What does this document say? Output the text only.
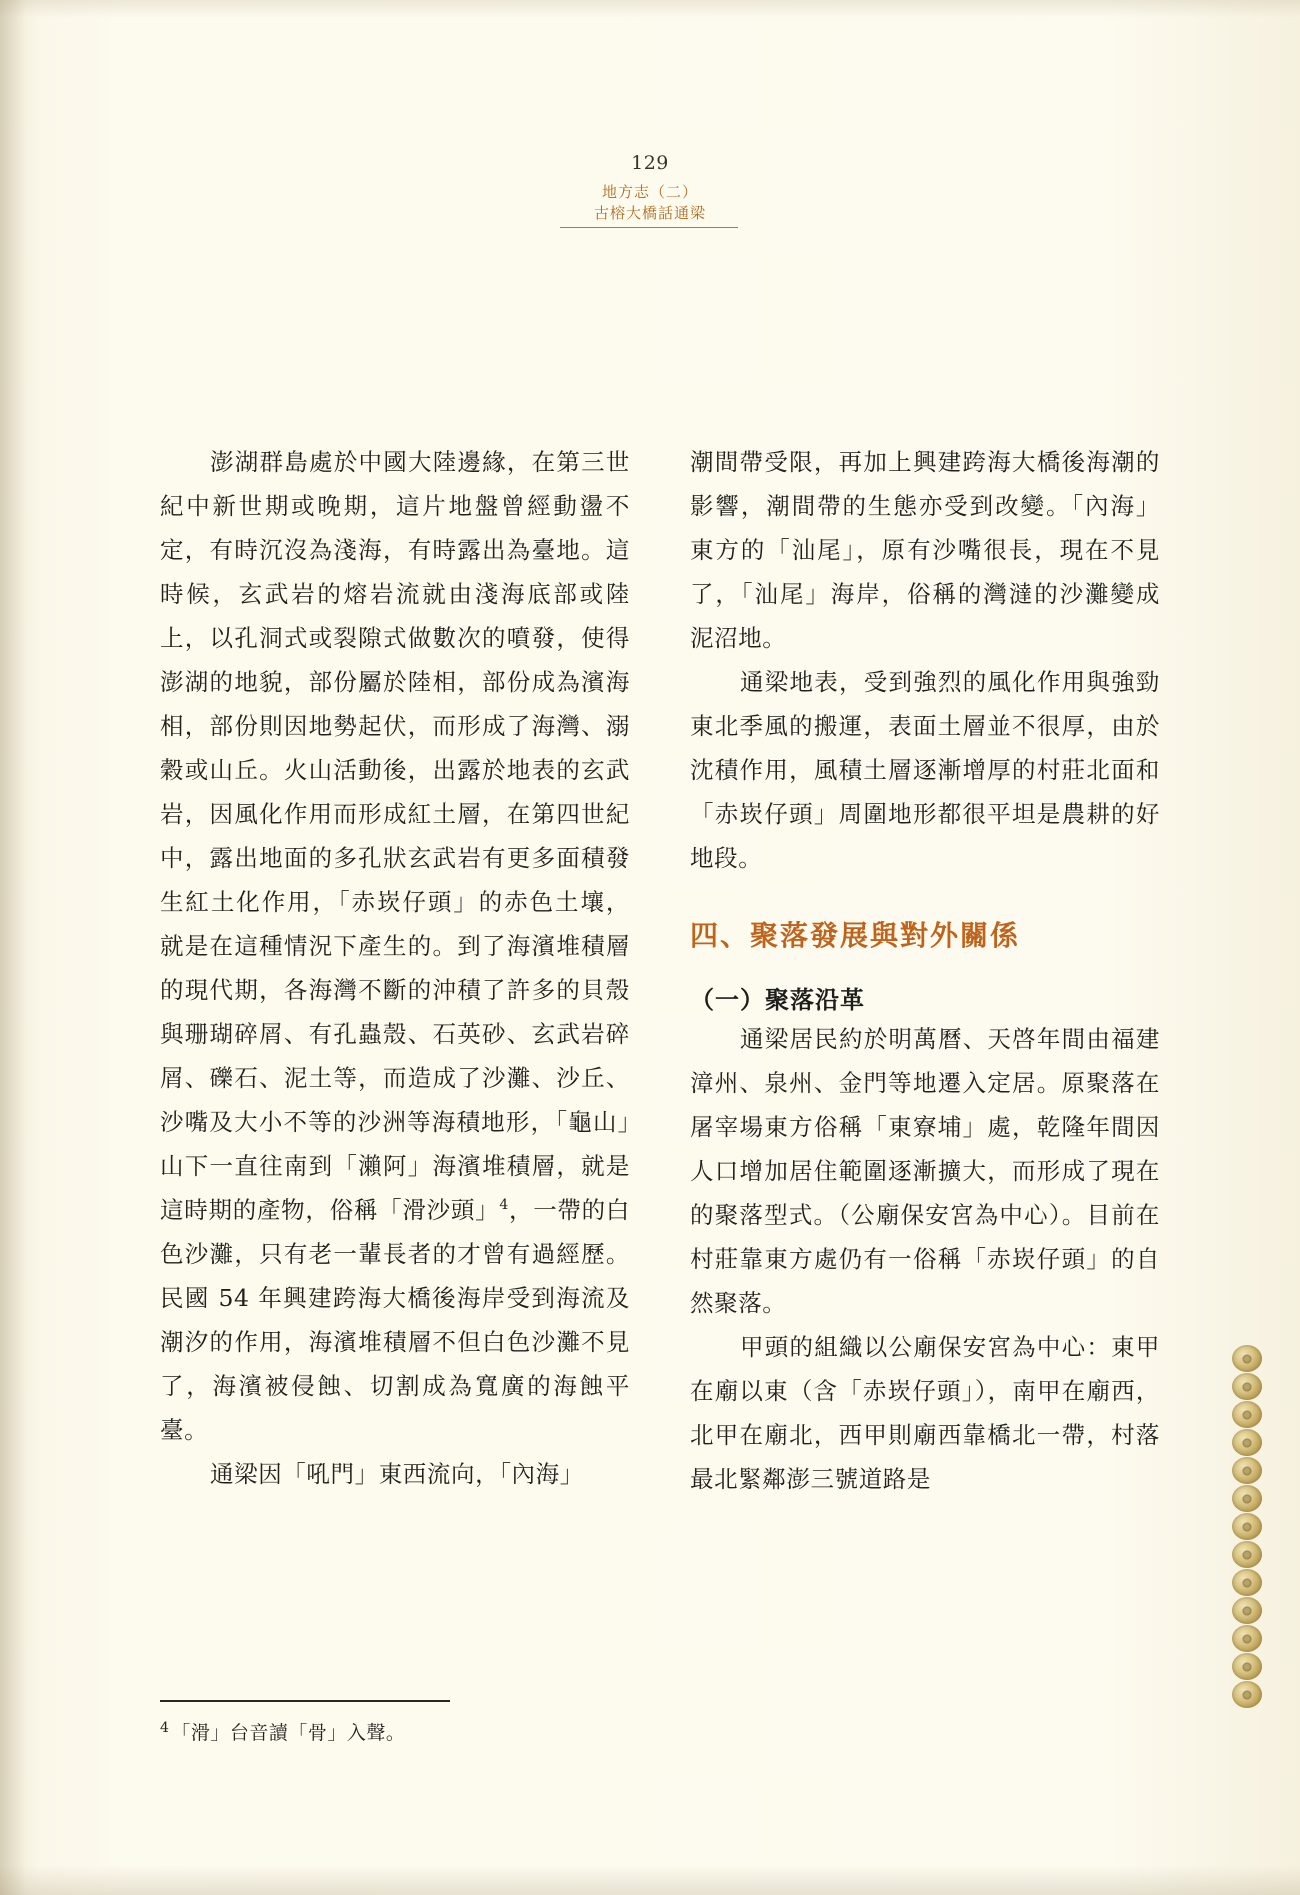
129
地方志（二）
古榕大橋話通梁

澎湖群島處於中國大陸邊緣，在第三世紀中新世期或晚期，這片地盤曾經動盪不定，有時沉沒為淺海，有時露出為臺地。這時候，玄武岩的熔岩流就由淺海底部或陸上，以孔洞式或裂隙式做數次的噴發，使得澎湖的地貌，部份屬於陸相，部份成為濱海相，部份則因地勢起伏，而形成了海灣、溺穀或山丘。火山活動後，出露於地表的玄武岩，因風化作用而形成紅土層，在第四世紀中，露出地面的多孔狀玄武岩有更多面積發生紅土化作用，「赤崁仔頭」的赤色土壤，就是在這種情況下產生的。到了海濱堆積層的現代期，各海灣不斷的沖積了許多的貝殼與珊瑚碎屑、有孔蟲殼、石英砂、玄武岩碎屑、礫石、泥土等，而造成了沙灘、沙丘、沙嘴及大小不等的沙洲等海積地形，「龜山」山下一直往南到「瀨阿」海濱堆積層，就是這時期的產物，俗稱「滑沙頭」$^4$，一帶的白色沙灘，只有老一輩長者的才曾有過經歷。民國 54 年興建跨海大橋後海岸受到海流及潮汐的作用，海濱堆積層不但白色沙灘不見了，海濱被侵蝕、切割成為寬廣的海蝕平臺。

通梁因「吼門」東西流向，「內海」

潮間帶受限，再加上興建跨海大橋後海潮的影響，潮間帶的生態亦受到改變。「內海」東方的「汕尾」，原有沙嘴很長，現在不見了，「汕尾」海岸，俗稱的灣澾的沙灘變成泥沼地。

通梁地表，受到強烈的風化作用與強勁東北季風的搬運，表面土層並不很厚，由於沈積作用，風積土層逐漸增厚的村莊北面和「赤崁仔頭」周圍地形都很平坦是農耕的好地段。

四、聚落發展與對外關係
（一）聚落沿革

通梁居民約於明萬曆、天啓年間由福建漳州、泉州、金門等地遷入定居。原聚落在屠宰場東方俗稱「東寮埔」處，乾隆年間因人口增加居住範圍逐漸擴大，而形成了現在的聚落型式。（公廟保安宮為中心）。目前在村莊靠東方處仍有一俗稱「赤崁仔頭」的自然聚落。

甲頭的組織以公廟保安宮為中心：東甲在廟以東（含「赤崁仔頭」），南甲在廟西，北甲在廟北，西甲則廟西靠橋北一帶，村落最北緊鄰澎三號道路是

$^4$ 「滑」台音讀「骨」入聲。
